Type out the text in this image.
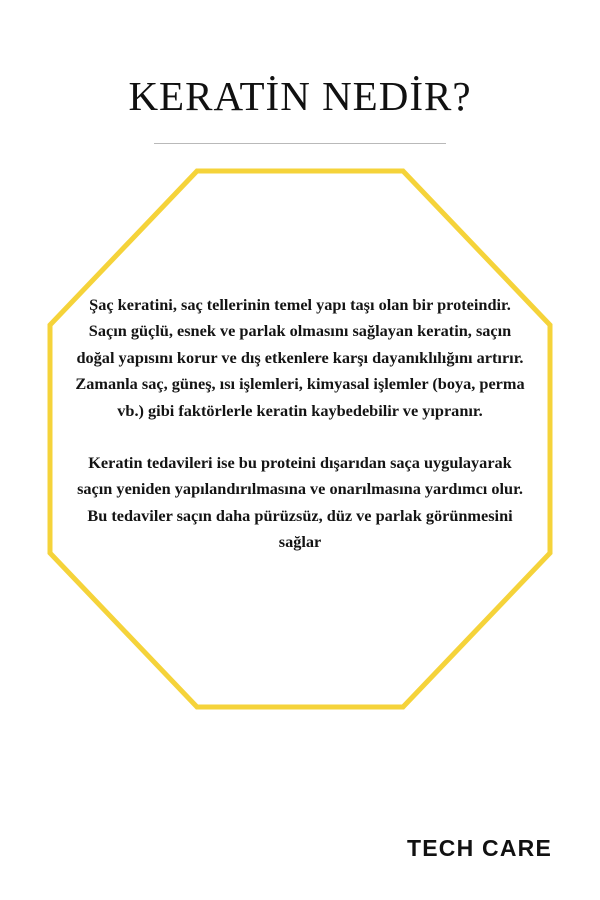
KERATİN NEDİR?

Şaç keratini, saç tellerinin temel yapı taşı olan bir proteindir. Saçın güçlü, esnek ve parlak olmasını sağlayan keratin, saçın doğal yapısını korur ve dış etkenlere karşı dayanıklılığını artırır. Zamanla saç, güneş, ısı işlemleri, kimyasal işlemler (boya, perma vb.) gibi faktörlerle keratin kaybedebilir ve yıpranır.

Keratin tedavileri ise bu proteini dışarıdan saça uygulayarak saçın yeniden yapılandırılmasına ve onarılmasına yardımcı olur. Bu tedaviler saçın daha pürüzsüz, düz ve parlak görünmesini sağlar

TECH CARE
